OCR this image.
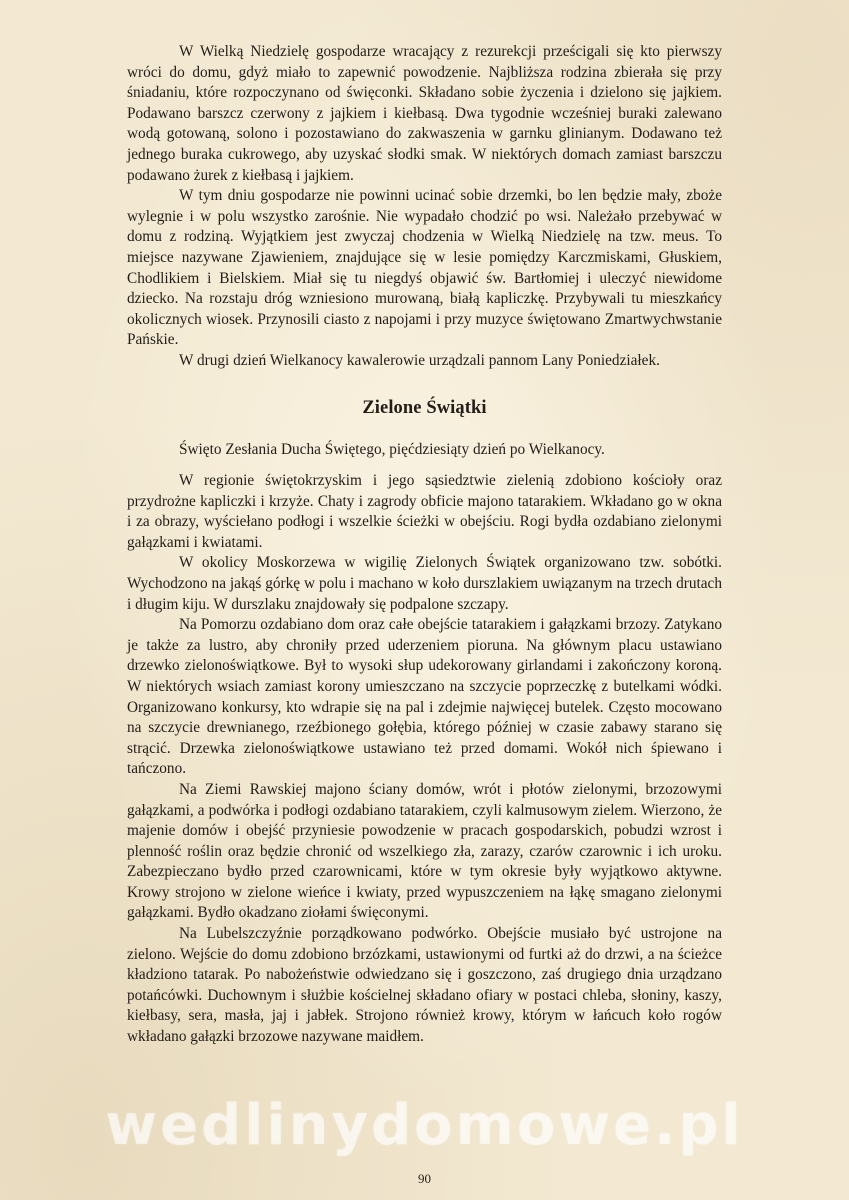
W Wielką Niedzielę gospodarze wracający z rezurekcji prześcigali się kto pierwszy wróci do domu, gdyż miało to zapewnić powodzenie. Najbliższa rodzina zbierała się przy śniadaniu, które rozpoczynano od święconki. Składano sobie życzenia i dzielono się jajkiem. Podawano barszcz czerwony z jajkiem i kiełbasą. Dwa tygodnie wcześniej buraki zalewano wodą gotowaną, solono i pozostawiano do zakwaszenia w garnku glinianym. Dodawano też jednego buraka cukrowego, aby uzyskać słodki smak. W niektórych domach zamiast barszczu podawano żurek z kiełbasą i jajkiem.

W tym dniu gospodarze nie powinni ucinać sobie drzemki, bo len będzie mały, zboże wylegnie i w polu wszystko zarośnie. Nie wypadało chodzić po wsi. Należało przebywać w domu z rodziną. Wyjątkiem jest zwyczaj chodzenia w Wielką Niedzielę na tzw. meus. To miejsce nazywane Zjawieniem, znajdujące się w lesie pomiędzy Karczmiskami, Głuskiem, Chodlikiem i Bielskiem. Miał się tu niegdyś objawić św. Bartłomiej i uleczyć niewidome dziecko. Na rozstaju dróg wzniesiono murowaną, białą kapliczkę. Przybywali tu mieszkańcy okolicznych wiosek. Przynosili ciasto z napojami i przy muzyce świętowano Zmartwychwstanie Pańskie.

W drugi dzień Wielkanocy kawalerowie urządzali pannom Lany Poniedziałek.

Zielone Świątki

Święto Zesłania Ducha Świętego, pięćdziesiąty dzień po Wielkanocy.

W regionie świętokrzyskim i jego sąsiedztwie zielenią zdobiono kościoły oraz przydrożne kapliczki i krzyże. Chaty i zagrody obficie majono tatarakiem. Wkładano go w okna i za obrazy, wyściełano podłogi i wszelkie ścieżki w obejściu. Rogi bydła ozdabiano zielonymi gałązkami i kwiatami.

W okolicy Moskorzewa w wigilię Zielonych Świątek organizowano tzw. sobótki. Wychodzono na jakąś górkę w polu i machano w koło durszlakiem uwiązanym na trzech drutach i długim kiju. W durszlaku znajdowały się podpalone szczapy.

Na Pomorzu ozdabiano dom oraz całe obejście tatarakiem i gałązkami brzozy. Zatykano je także za lustro, aby chroniły przed uderzeniem pioruna. Na głównym placu ustawiano drzewko zielonoświątkowe. Był to wysoki słup udekorowany girlandami i zakończony koroną. W niektórych wsiach zamiast korony umieszczano na szczycie poprzeczkę z butelkami wódki. Organizowano konkursy, kto wdrapie się na pal i zdejmie najwięcej butelek. Często mocowano na szczycie drewnianego, rzeźbionego gołębia, którego później w czasie zabawy starano się strącić. Drzewka zielonoświątkowe ustawiano też przed domami. Wokół nich śpiewano i tańczono.

Na Ziemi Rawskiej majono ściany domów, wrót i płotów zielonymi, brzozowymi gałązkami, a podwórka i podłogi ozdabiano tatarakiem, czyli kalmusowym zielem. Wierzono, że majenie domów i obejść przyniesie powodzenie w pracach gospodarskich, pobudzi wzrost i plenność roślin oraz będzie chronić od wszelkiego zła, zarazy, czarów czarownic i ich uroku. Zabezpieczano bydło przed czarownicami, które w tym okresie były wyjątkowo aktywne. Krowy strojono w zielone wieńce i kwiaty, przed wypuszczeniem na łąkę smagano zielonymi gałązkami. Bydło okadzano ziołami święconymi.

Na Lubelszczyźnie porządkowano podwórko. Obejście musiało być ustrojone na zielono. Wejście do domu zdobiono brzózkami, ustawionymi od furtki aż do drzwi, a na ścieżce kładziono tatarak. Po nabożeństwie odwiedzano się i goszczono, zaś drugiego dnia urządzano potańcówki. Duchownym i służbie kościelnej składano ofiary w postaci chleba, słoniny, kaszy, kiełbasy, sera, masła, jaj i jabłek. Strojono również krowy, którym w łańcuch koło rogów wkładano gałązki brzozowe nazywane maidłem.

wedlinydomowe.pl
90
